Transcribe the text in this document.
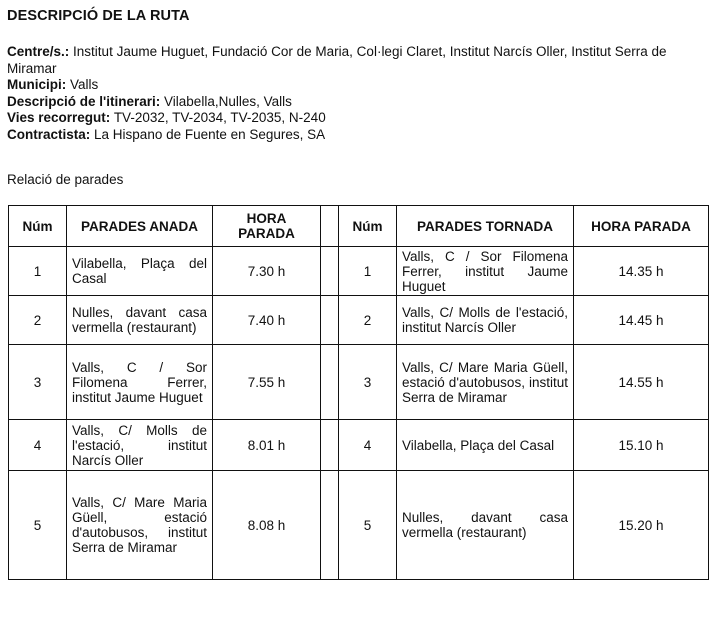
DESCRIPCIÓ DE LA RUTA
Centre/s.: Institut Jaume Huguet, Fundació Cor de Maria, Col·legi Claret, Institut Narcís Oller, Institut Serra de Miramar
Municipi: Valls
Descripció de l'itinerari: Vilabella,Nulles, Valls
Vies recorregut: TV-2032, TV-2034, TV-2035, N-240
Contractista: La Hispano de Fuente en Segures, SA
Relació de parades
Núm	PARADES ANADA	HORA PARADA		Núm	PARADES TORNADA	HORA PARADA
1	Vilabella, Plaça del Casal	7.30 h		1	Valls, C / Sor Filomena Ferrer, institut Jaume Huguet	14.35 h
2	Nulles, davant casa vermella (restaurant)	7.40 h		2	Valls, C/ Molls de l'estació, institut Narcís Oller	14.45 h
3	Valls, C / Sor Filomena Ferrer, institut Jaume Huguet	7.55 h		3	Valls, C/ Mare Maria Güell, estació d'autobusos, institut Serra de Miramar	14.55 h
4	Valls, C/ Molls de l'estació, institut Narcís Oller	8.01 h		4	Vilabella, Plaça del Casal	15.10 h
5	Valls, C/ Mare Maria Güell, estació d'autobusos, institut Serra de Miramar	8.08 h		5	Nulles, davant casa vermella (restaurant)	15.20 h
